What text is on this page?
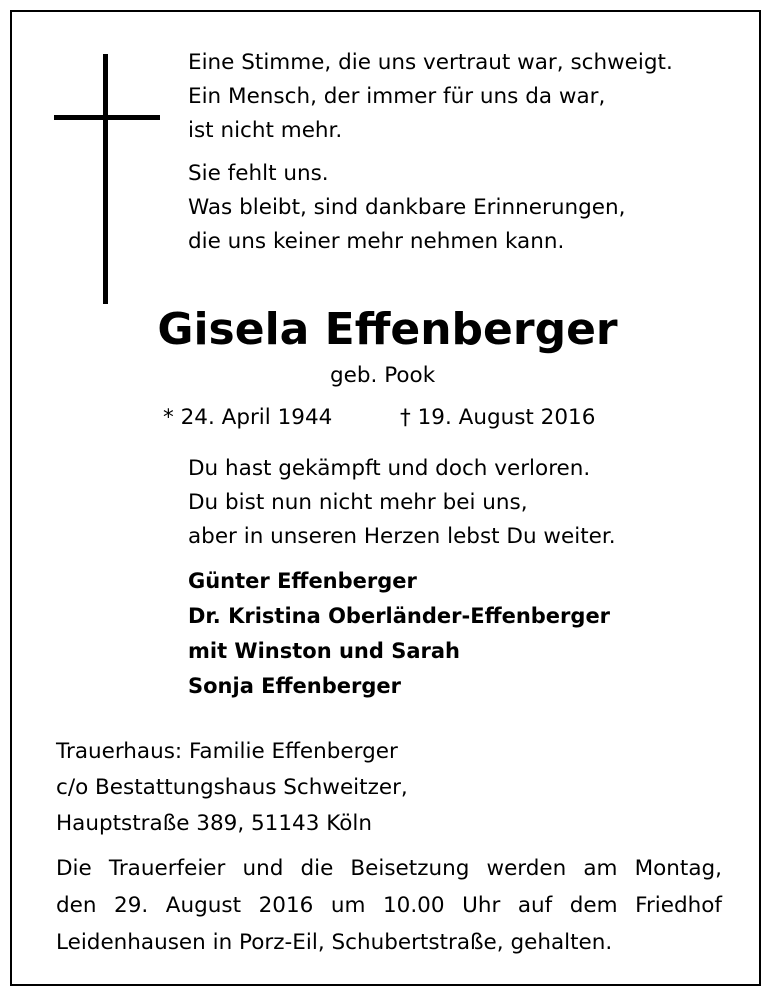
Eine Stimme, die uns vertraut war, schweigt.
Ein Mensch, der immer für uns da war,
ist nicht mehr.
Sie fehlt uns.
Was bleibt, sind dankbare Erinnerungen,
die uns keiner mehr nehmen kann.
Gisela Effenberger
geb. Pook
* 24. April 1944	† 19. August 2016
Du hast gekämpft und doch verloren.
Du bist nun nicht mehr bei uns,
aber in unseren Herzen lebst Du weiter.
Günter Effenberger
Dr. Kristina Oberländer-Effenberger
mit Winston und Sarah
Sonja Effenberger
Trauerhaus: Familie Effenberger
c/o Bestattungshaus Schweitzer,
Hauptstraße 389, 51143 Köln
Die Trauerfeier und die Beisetzung werden am Montag,
den 29. August 2016 um 10.00 Uhr auf dem Friedhof
Leidenhausen in Porz-Eil, Schubertstraße, gehalten.
